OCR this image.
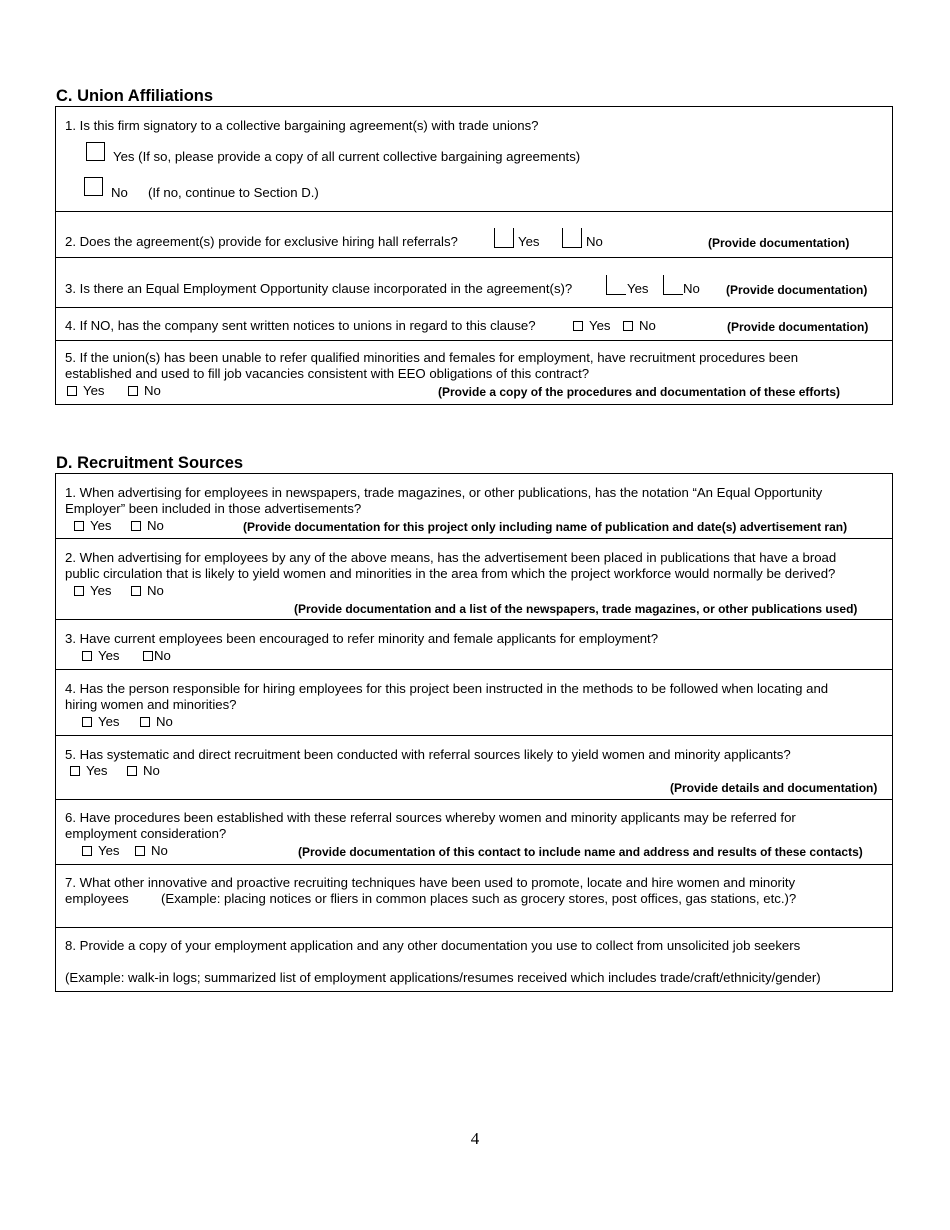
C. Union Affiliations
1. Is this firm signatory to a collective bargaining agreement(s) with trade unions?
Yes (If so, please provide a copy of all current collective bargaining agreements)
No (If no, continue to Section D.)
2. Does the agreement(s) provide for exclusive hiring hall referrals?	Yes	No	(Provide documentation)
3. Is there an Equal Employment Opportunity clause incorporated in the agreement(s)?	Yes	No (Provide documentation)
4. If NO, has the company sent written notices to unions in regard to this clause?	Yes	No	(Provide documentation)
5. If the union(s) has been unable to refer qualified minorities and females for employment, have recruitment procedures been
established and used to fill job vacancies consistent with EEO obligations of this contract?
Yes	No	(Provide a copy of the procedures and documentation of these efforts)
D. Recruitment Sources
1. When advertising for employees in newspapers, trade magazines, or other publications, has the notation “An Equal Opportunity
Employer” been included in those advertisements?
Yes	No	(Provide documentation for this project only including name of publication and date(s) advertisement ran)
2. When advertising for employees by any of the above means, has the advertisement been placed in publications that have a broad
public circulation that is likely to yield women and minorities in the area from which the project workforce would normally be derived?
Yes	No
(Provide documentation and a list of the newspapers, trade magazines, or other publications used)
3. Have current employees been encouraged to refer minority and female applicants for employment?
Yes	No
4. Has the person responsible for hiring employees for this project been instructed in the methods to be followed when locating and
hiring women and minorities?
Yes	No
5. Has systematic and direct recruitment been conducted with referral sources likely to yield women and minority applicants?
Yes	No
(Provide details and documentation)
6. Have procedures been established with these referral sources whereby women and minority applicants may be referred for
employment consideration?
Yes	No	(Provide documentation of this contact to include name and address and results of these contacts)
7. What other innovative and proactive recruiting techniques have been used to promote, locate and hire women and minority
employees (Example: placing notices or fliers in common places such as grocery stores, post offices, gas stations, etc.)?
8. Provide a copy of your employment application and any other documentation you use to collect from unsolicited job seekers
(Example: walk-in logs; summarized list of employment applications/resumes received which includes trade/craft/ethnicity/gender)
4
